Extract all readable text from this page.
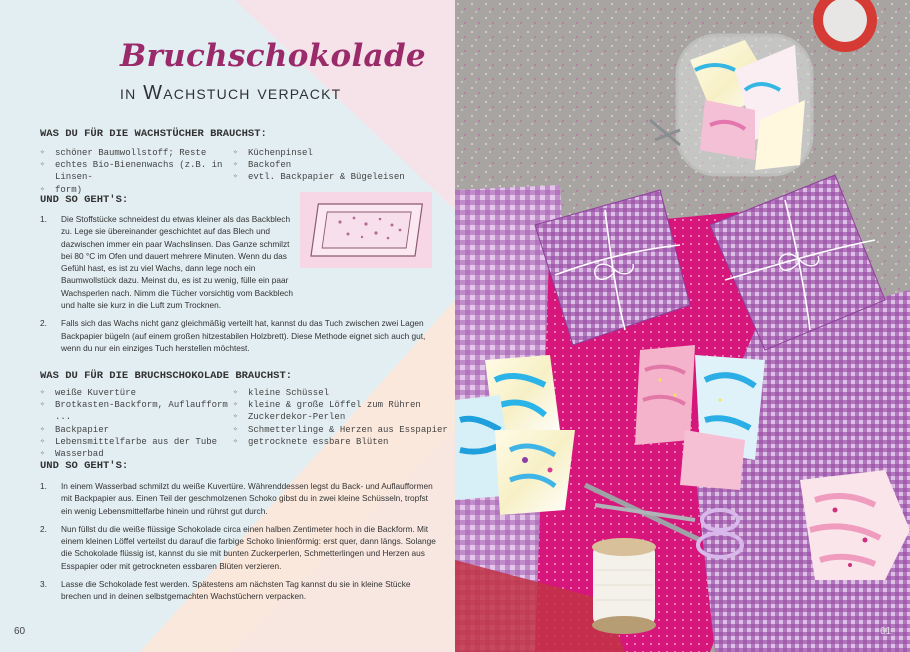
Bruchschokolade
in Wachstuch verpackt
WAS DU FÜR DIE WACHSTÜCHER BRAUCHST:
✧ schöner Baumwollstoff; Reste
✧ echtes Bio-Bienenwachs (z.B. in Linsen-
✧ form)
✧ Küchenpinsel
✧ Backofen
✧ evtl. Backpapier & Bügeleisen
UND SO GEHT'S:
1. Die Stoffstücke schneidest du etwas kleiner als das Backblech zu. Lege sie übereinander geschichtet auf das Blech und dazwischen immer ein paar Wachslinsen. Das Ganze schmilzt bei 80 °C im Ofen und dauert mehrere Minuten. Wenn du das Gefühl hast, es ist zu viel Wachs, dann lege noch ein Baumwollstück dazu. Meinst du, es ist zu wenig, fülle ein paar Wachsperlen nach. Nimm die Tücher vorsichtig vom Backblech und halte sie kurz in die Luft zum Trocknen.
2. Falls sich das Wachs nicht ganz gleichmäßig verteilt hat, kannst du das Tuch zwischen zwei Lagen Backpapier bügeln (auf einem großen hitzestabilen Holzbrett). Diese Methode eignet sich auch gut, wenn du nur ein einziges Tuch herstellen möchtest.
WAS DU FÜR DIE BRUCHSCHOKOLADE BRAUCHST:
✧ weiße Kuvertüre
✧ Brotkasten-Backform, Auflaufform ...
✧ Backpapier
✧ Lebensmittelfarbe aus der Tube
✧ Wasserbad
✧ kleine Schüssel
✧ kleine & große Löffel zum Rühren
✧ Zuckerdekor-Perlen
✧ Schmetterlinge & Herzen aus Esspapier
✧ getrocknete essbare Blüten
UND SO GEHT'S:
1. In einem Wasserbad schmilzt du weiße Kuvertüre. Währenddessen legst du Back- und Auflaufformen mit Backpapier aus. Einen Teil der geschmolzenen Schoko gibst du in zwei kleine Schüsseln, tropfst ein wenig Lebensmittelfarbe hinein und rührst gut durch.
2. Nun füllst du die weiße flüssige Schokolade circa einen halben Zentimeter hoch in die Backform. Mit einem kleinen Löffel verteilst du darauf die farbige Schoko linienförmig: erst quer, dann längs. Solange die Schokolade flüssig ist, kannst du sie mit bunten Zuckerperlen, Schmetterlingen und Herzen aus Esspapier oder mit getrockneten essbaren Blüten verzieren.
3. Lasse die Schokolade fest werden. Spätestens am nächsten Tag kannst du sie in kleine Stücke brechen und in deinen selbstgemachten Wachstüchern verpacken.
60	61
